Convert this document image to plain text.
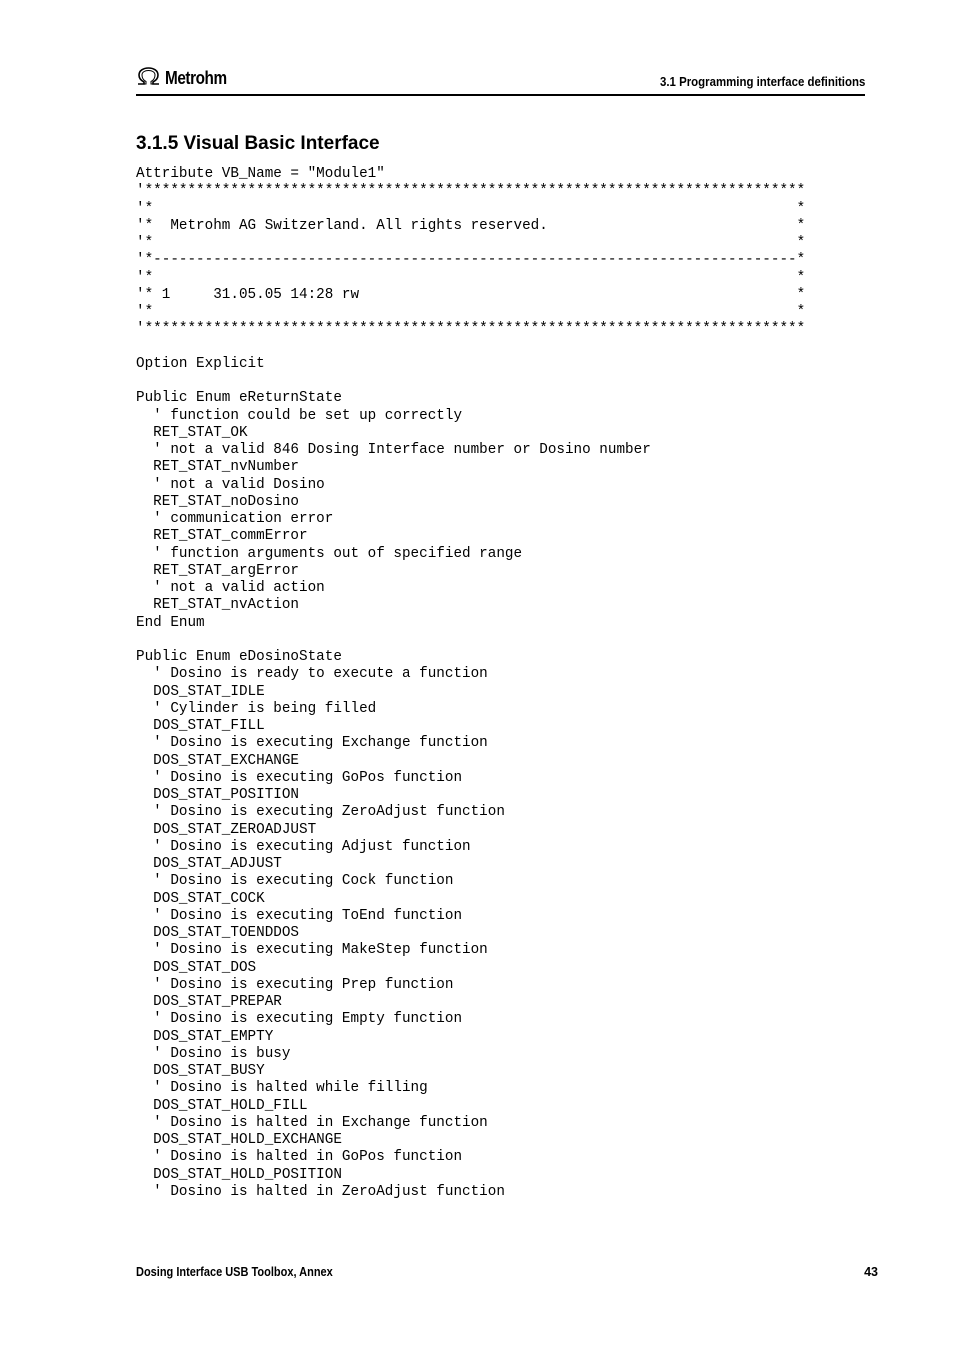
Metrohm	3.1 Programming interface definitions
3.1.5 Visual Basic Interface
Attribute VB_Name = "Module1"
'*****************************************************************************
'*                                                                           *
'*  Metrohm AG Switzerland. All rights reserved.                             *
'*                                                                           *
'*---------------------------------------------------------------------------*
'*                                                                           *
'* 1     31.05.05 14:28 rw                                                   *
'*                                                                           *
'*****************************************************************************

Option Explicit

Public Enum eReturnState
' function could be set up correctly
RET_STAT_OK
' not a valid 846 Dosing Interface number or Dosino number
RET_STAT_nvNumber
' not a valid Dosino
RET_STAT_noDosino
' communication error
RET_STAT_commError
' function arguments out of specified range
RET_STAT_argError
' not a valid action
RET_STAT_nvAction
End Enum

Public Enum eDosinoState
' Dosino is ready to execute a function
DOS_STAT_IDLE
' Cylinder is being filled
DOS_STAT_FILL
' Dosino is executing Exchange function
DOS_STAT_EXCHANGE
' Dosino is executing GoPos function
DOS_STAT_POSITION
' Dosino is executing ZeroAdjust function
DOS_STAT_ZEROADJUST
' Dosino is executing Adjust function
DOS_STAT_ADJUST
' Dosino is executing Cock function
DOS_STAT_COCK
' Dosino is executing ToEnd function
DOS_STAT_TOENDDOS
' Dosino is executing MakeStep function
DOS_STAT_DOS
' Dosino is executing Prep function
DOS_STAT_PREPAR
' Dosino is executing Empty function
DOS_STAT_EMPTY
' Dosino is busy
DOS_STAT_BUSY
' Dosino is halted while filling
DOS_STAT_HOLD_FILL
' Dosino is halted in Exchange function
DOS_STAT_HOLD_EXCHANGE
' Dosino is halted in GoPos function
DOS_STAT_HOLD_POSITION
' Dosino is halted in ZeroAdjust function
Dosing Interface USB Toolbox, Annex	43
